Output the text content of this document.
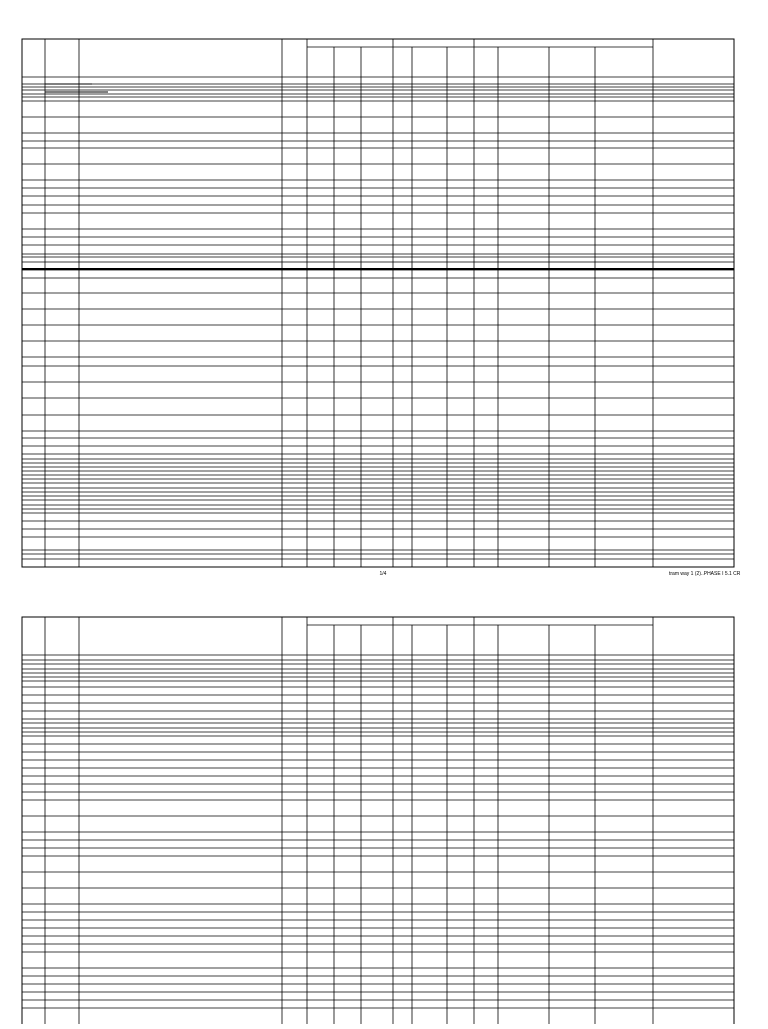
1/4	tram way 1 (2)..PHASE I 5.1 CR
